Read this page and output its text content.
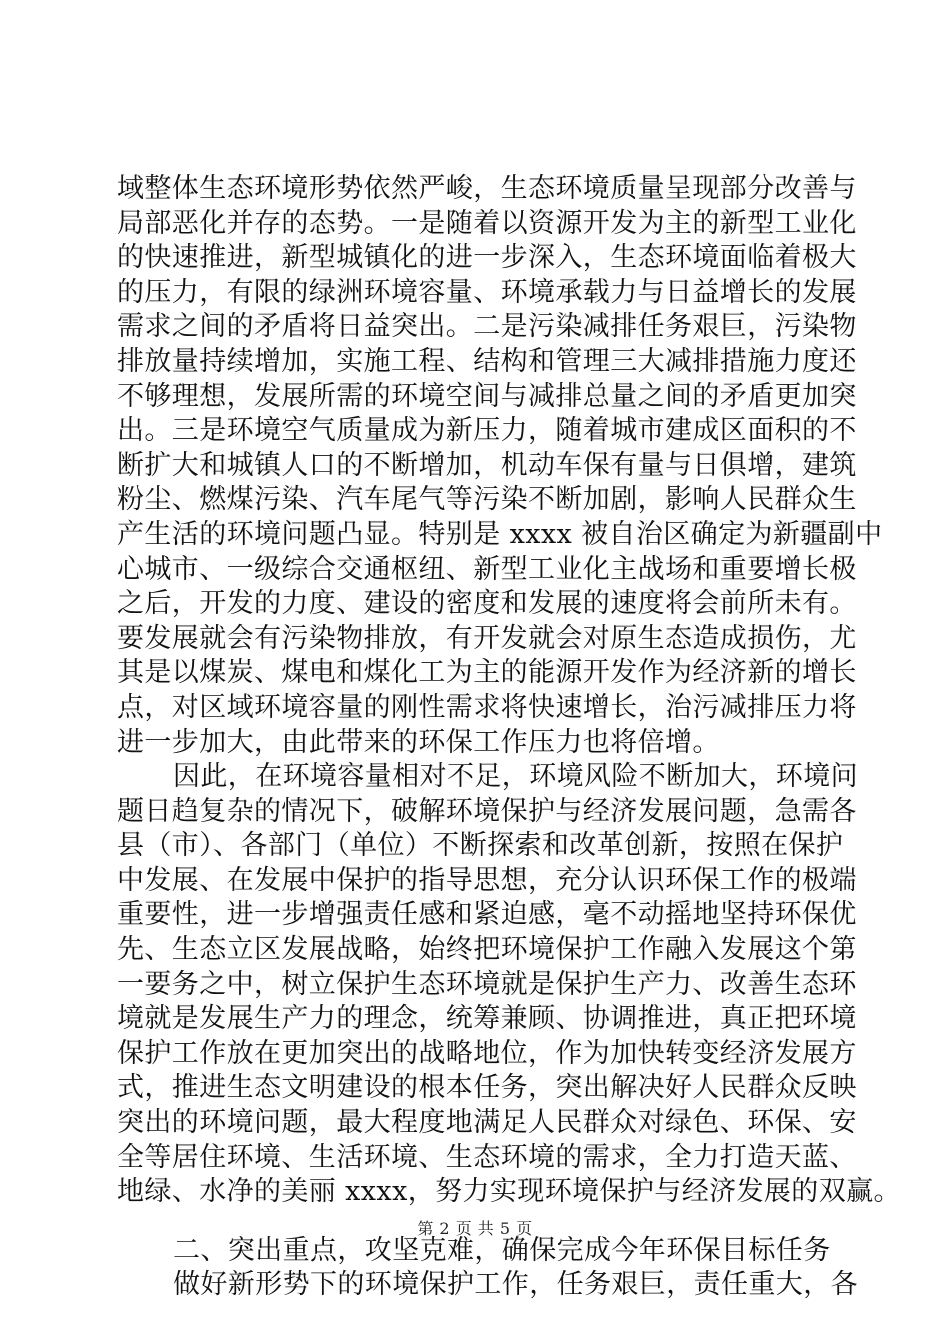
域整体生态环境形势依然严峻，生态环境质量呈现部分改善与
局部恶化并存的态势。一是随着以资源开发为主的新型工业化
的快速推进，新型城镇化的进一步深入，生态环境面临着极大
的压力，有限的绿洲环境容量、环境承载力与日益增长的发展
需求之间的矛盾将日益突出。二是污染减排任务艰巨，污染物
排放量持续增加，实施工程、结构和管理三大减排措施力度还
不够理想，发展所需的环境空间与减排总量之间的矛盾更加突
出。三是环境空气质量成为新压力，随着城市建成区面积的不
断扩大和城镇人口的不断增加，机动车保有量与日俱增，建筑
粉尘、燃煤污染、汽车尾气等污染不断加剧，影响人民群众生
产生活的环境问题凸显。特别是 xxxx 被自治区确定为新疆副中
心城市、一级综合交通枢纽、新型工业化主战场和重要增长极
之后，开发的力度、建设的密度和发展的速度将会前所未有。
要发展就会有污染物排放，有开发就会对原生态造成损伤，尤
其是以煤炭、煤电和煤化工为主的能源开发作为经济新的增长
点，对区域环境容量的刚性需求将快速增长，治污减排压力将
进一步加大，由此带来的环保工作压力也将倍增。
因此，在环境容量相对不足，环境风险不断加大，环境问
题日趋复杂的情况下，破解环境保护与经济发展问题，急需各
县（市）、各部门（单位）不断探索和改革创新，按照在保护
中发展、在发展中保护的指导思想，充分认识环保工作的极端
重要性，进一步增强责任感和紧迫感，毫不动摇地坚持环保优
先、生态立区发展战略，始终把环境保护工作融入发展这个第
一要务之中，树立保护生态环境就是保护生产力、改善生态环
境就是发展生产力的理念，统筹兼顾、协调推进，真正把环境
保护工作放在更加突出的战略地位，作为加快转变经济发展方
式，推进生态文明建设的根本任务，突出解决好人民群众反映
突出的环境问题，最大程度地满足人民群众对绿色、环保、安
全等居住环境、生活环境、生态环境的需求，全力打造天蓝、
地绿、水净的美丽 xxxx，努力实现环境保护与经济发展的双赢。
二、突出重点，攻坚克难，确保完成今年环保目标任务
做好新形势下的环境保护工作，任务艰巨，责任重大，各
第 2 页 共 5 页
